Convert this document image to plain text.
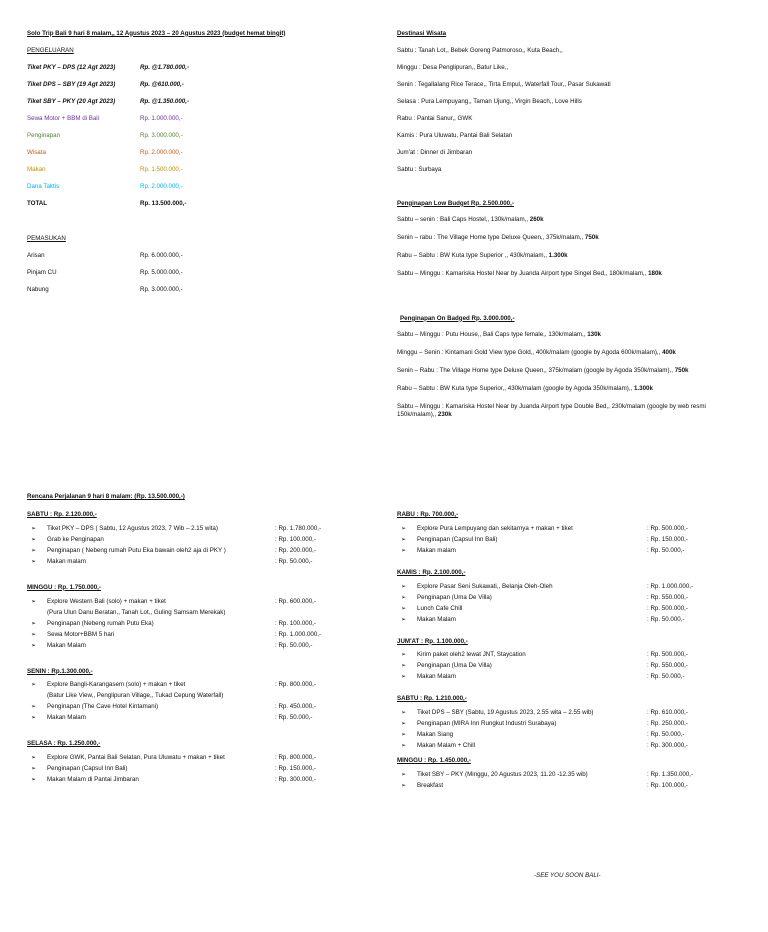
Solo Trip Bali 9 hari 8 malam,, 12 Agustus 2023 – 20 Agustus 2023 (budget hemat bingit)
PENGELUARAN
Tiket PKY – DPS (12 Agt 2023)	Rp. @1.780.000,-
Tiket DPS – SBY (19 Agt 2023)	Rp. @610.000,-
Tiket SBY – PKY (20 Agt 2023)	Rp. @1.350.000,-
Sewa Motor + BBM di Bali	Rp. 1.000.000,-
Penginapan	Rp. 3.000.000,-
Wisata	Rp. 2.000.000,-
Makan	Rp. 1.500.000,-
Dana Taktis	Rp. 2.000.000,-
TOTAL	Rp. 13.500.000,-
PEMASUKAN
Arisan	Rp. 6.000.000,-
Pinjam CU	Rp. 5.000.000,-
Nabung	Rp. 3.000.000,-
Destinasi Wisata
Sabtu : Tanah Lot,, Bebek Goreng Patmoroso,, Kuta Beach,,
Minggu : Desa Penglipuran,, Batur Like,,
Senin : Tegallalang Rice Terace,, Tirta Empul,, Waterfall Tour,, Pasar Sukawati
Selasa : Pura Lempuyang,, Taman Ujung,, Virgin Beach,, Love Hills
Rabu : Pantai Sanur,, GWK
Kamis : Pura Uluwatu, Pantai Bali Selatan
Jum'at : Dinner di Jimbaran
Sabtu : Surbaya
Penginapan Low Budget Rp. 2.500.000,-
Sabtu – senin : Bali Caps Hostel,, 130k/malam,, 260k
Senin – rabu : The Village Home type Deluxe Queen,, 375k/malam,, 750k
Rabu – Sabtu : BW Kuta type Superior ,, 430k/malam,, 1.300k
Sabtu – Minggu : Kamariska Hostel Near by Juanda Airport type Singel Bed,, 180k/malam,, 180k
Penginapan On Badged Rp. 3.000.000,-
Sabtu – Minggu : Putu House,, Bali Caps type female,, 130k/malam,, 130k
Minggu – Senin : Kintamani Gold View type Gold,, 400k/malam (google by Agoda 600k/malam),, 400k
Senin – Rabu : The Village Home type Deluxe Queen,, 375k/malam (google by Agoda 350k/malam),, 750k
Rabu – Sabtu : BW Kuta type Superior,, 430k/malam (google by Agoda 350k/malam),, 1.300k
Sabtu – Minggu : Kamariska Hostel Near by Juanda Airport type Double Bed,, 230k/malam (google by web resmi 150k/malam),, 230k
Rencana Perjalanan 9 hari 8 malam: (Rp. 13.500.000,-)
SABTU : Rp. 2.120.000,-
➢	Tiket PKY – DPS ( Sabtu, 12 Agustus 2023, 7 Wib – 2.15 wita)	: Rp. 1.780.000,-
➢	Grab ke Penginapan	: Rp. 100.000,-
➢	Penginapan ( Nebeng rumah Putu Eka bawain oleh2 aja di PKY )	: Rp. 200.000,-
➢	Makan malam	: Rp. 50.000,-
MINGGU : Rp. 1.750.000,-
➢	Explore Western Bali (solo) + makan + tiket	: Rp. 600.000,-
(Pura Ulun Danu Beratan,, Tanah Lot,, Guling Samsam Merekak)
➢	Penginapan (Nebeng rumah Putu Eka)	: Rp. 100.000,-
➢	Sewa Motor+BBM 5 hari	: Rp. 1.000.000,-
➢	Makan Malam	: Rp. 50.000,-
SENIN : Rp.1.300.000,-
➢	Explore Bangli-Karangasem (solo) + makan + tiket	: Rp. 800.000,-
(Batur Like View,, Penglipuran Village,, Tukad Cepung Waterfall)
➢	Penginapan (The Cave Hotel Kintamani)	: Rp. 450.000,-
➢	Makan Malam	: Rp. 50.000,-
SELASA : Rp. 1.250.000,-
➢	Explore GWK, Pantai Bali Selatan, Pura Uluwatu + makan + tiket	: Rp. 800.000,-
➢	Penginapan (Capsul Inn Bali)	: Rp. 150.000,-
➢	Makan Malam di Pantai Jimbaran	: Rp. 300.000,-
RABU : Rp. 700.000,-
➢	Explore Pura Lempuyang dan sekitarnya + makan + tiket	: Rp. 500.000,-
➢	Penginapan (Capsul Inn Bali)	: Rp. 150.000,-
➢	Makan malam	: Rp. 50.000,-
KAMIS : Rp. 2.100.000,-
➢	Explore Pasar Seni Sukawati,, Belanja Oleh-Oleh	: Rp. 1.000.000,-
➢	Penginapan (Uma De Villa)	: Rp. 550.000,-
➢	Lunch Cafe Chill	: Rp. 500.000,-
➢	Makan Malam	: Rp. 50.000,-
JUM'AT : Rp. 1.100.000,-
➢	Kirim paket oleh2 lewat JNT, Staycation	: Rp. 500.000,-
➢	Penginapan (Uma De Villa)	: Rp. 550.000,-
➢	Makan Malam	: Rp. 50.000,-
SABTU : Rp. 1.210.000,-
➢	Tiket DPS – SBY (Sabtu, 19 Agustus 2023, 2.55 wita – 2.55 wib)	: Rp. 610.000,-
➢	Penginapan (MIRA Inn Rungkut Industri Surabaya)	: Rp. 250.000,-
➢	Makan Siang	: Rp. 50.000,-
➢	Makan Malam + Chill	: Rp. 300.000,-
MINGGU : Rp. 1.450.000,-
➢	Tiket SBY – PKY (Minggu, 20 Agustus 2023, 11.20 -12.35 wib)	: Rp. 1.350.000,-
➢	Breakfast	: Rp. 100.000,-
-SEE YOU SOON BALI-
